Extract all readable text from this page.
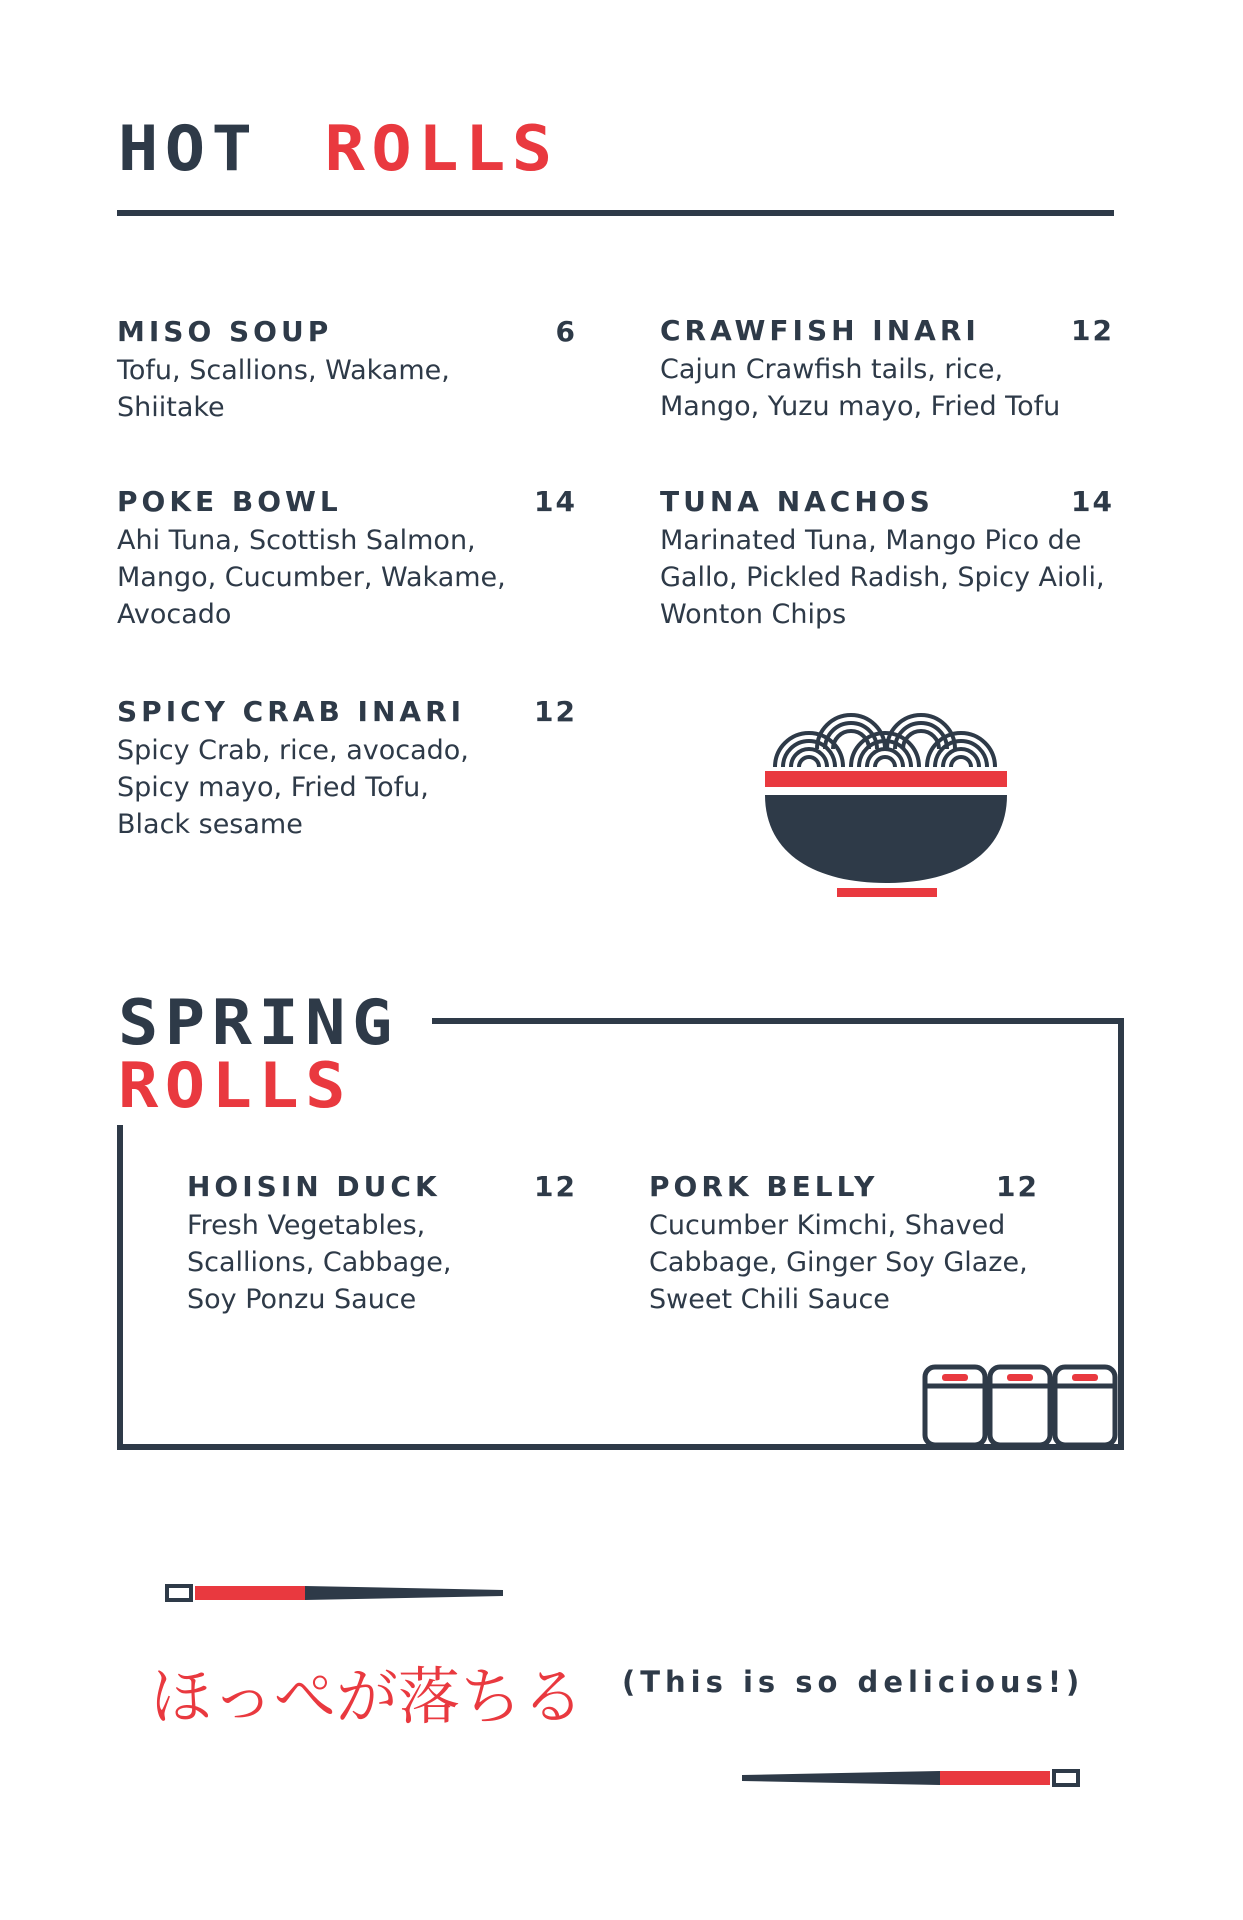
HOT ROLLS
MISO SOUP	6
Tofu, Scallions, Wakame, Shiitake
POKE BOWL	14
Ahi Tuna, Scottish Salmon, Mango, Cucumber, Wakame, Avocado
SPICY CRAB INARI 12
Spicy Crab, rice, avocado, Spicy mayo, Fried Tofu, Black sesame
CRAWFISH INARI	12
Cajun Crawfish tails, rice, Mango, Yuzu mayo, Fried Tofu
TUNA NACHOS	14
Marinated Tuna, Mango Pico de Gallo, Pickled Radish, Spicy Aioli, Wonton Chips
SPRING
ROLLS
HOISIN DUCK	12
Fresh Vegetables, Scallions, Cabbage, Soy Ponzu Sauce
PORK BELLY	12
Cucumber Kimchi, Shaved Cabbage, Ginger Soy Glaze, Sweet Chili Sauce
ほっぺが落ちる (This is so delicious!)
